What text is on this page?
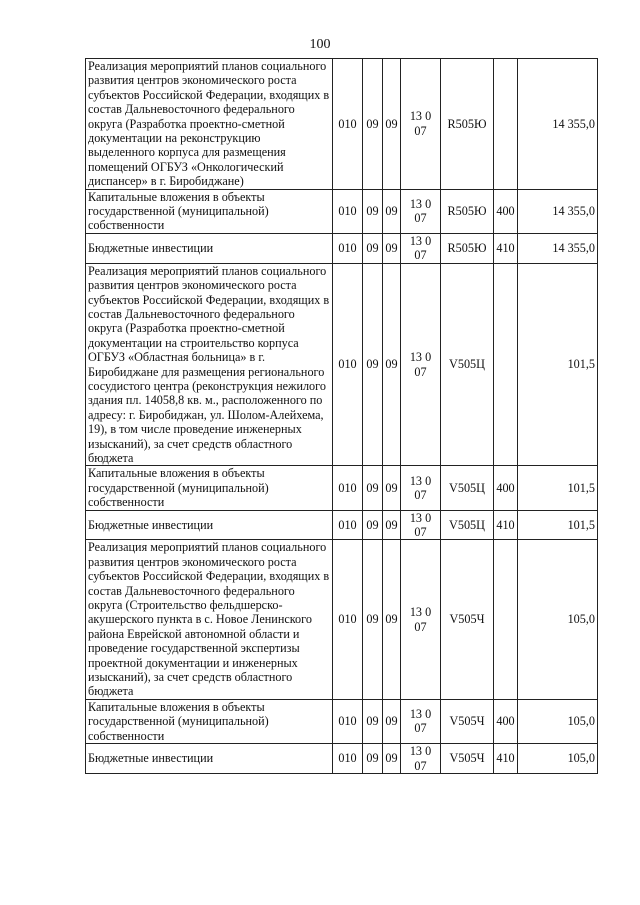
100
Реализация мероприятий планов социального развития центров экономического роста субъектов Российской Федерации, входящих в состав Дальневосточного федерального округа (Разработка проектно-сметной документации на реконструкцию выделенного корпуса для размещения помещений ОГБУЗ «Онкологический диспансер» в г. Биробиджане)	010	09	09	13 0 07	R505Ю		14 355,0
Капитальные вложения в объекты государственной (муниципальной) собственности	010	09	09	13 0 07	R505Ю	400	14 355,0
Бюджетные инвестиции	010	09	09	13 0 07	R505Ю	410	14 355,0
Реализация мероприятий планов социального развития центров экономического роста субъектов Российской Федерации, входящих в состав Дальневосточного федерального округа (Разработка проектно-сметной документации на строительство корпуса ОГБУЗ «Областная больница» в г. Биробиджане для размещения регионального сосудистого центра (реконструкция нежилого здания пл. 14058,8 кв. м., расположенного по адресу: г. Биробиджан, ул. Шолом-Алейхема, 19), в том числе проведение инженерных изысканий), за счет средств областного бюджета	010	09	09	13 0 07	V505Ц		101,5
Капитальные вложения в объекты государственной (муниципальной) собственности	010	09	09	13 0 07	V505Ц	400	101,5
Бюджетные инвестиции	010	09	09	13 0 07	V505Ц	410	101,5
Реализация мероприятий планов социального развития центров экономического роста субъектов Российской Федерации, входящих в состав Дальневосточного федерального округа (Строительство фельдшерско-акушерского пункта в с. Новое Ленинского района Еврейской автономной области и проведение государственной экспертизы проектной документации и инженерных изысканий), за счет средств областного бюджета	010	09	09	13 0 07	V505Ч		105,0
Капитальные вложения в объекты государственной (муниципальной) собственности	010	09	09	13 0 07	V505Ч	400	105,0
Бюджетные инвестиции	010	09	09	13 0 07	V505Ч	410	105,0
